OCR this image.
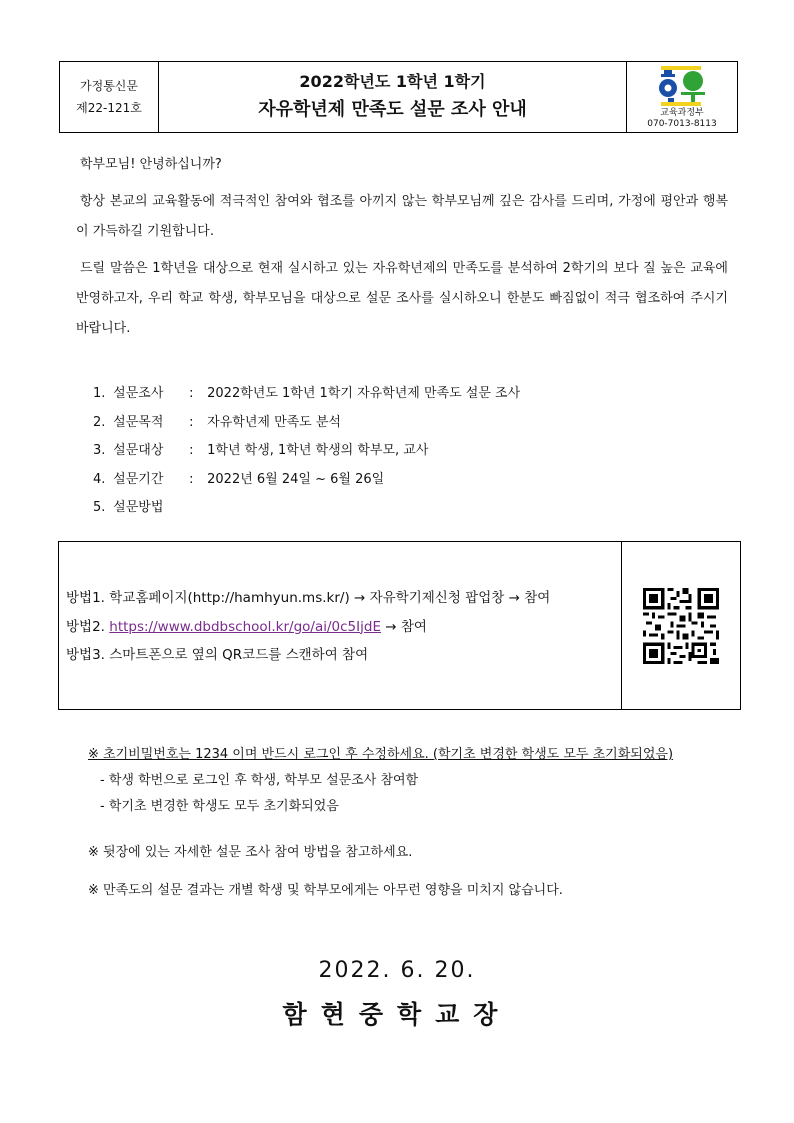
가정통신문
제22-121호
2022학년도 1학년 1학기
자유학년제 만족도 설문 조사 안내	교육과정부
070-7013-8113
학부모님! 안녕하십니까?
항상 본교의 교육활동에 적극적인 참여와 협조를 아끼지 않는 학부모님께 깊은 감사를 드리며, 가정에 평안과 행복이 가득하길 기원합니다.
드릴 말씀은 1학년을 대상으로 현재 실시하고 있는 자유학년제의 만족도를 분석하여 2학기의 보다 질 높은 교육에 반영하고자, 우리 학교 학생, 학부모님을 대상으로 설문 조사를 실시하오니 한분도 빠짐없이 적극 협조하여 주시기 바랍니다.
1. 설문조사 : 2022학년도 1학년 1학기 자유학년제 만족도 설문 조사
2. 설문목적 : 자유학년제 만족도 분석
3. 설문대상 : 1학년 학생, 1학년 학생의 학부모, 교사
4. 설문기간 : 2022년 6월 24일 ~ 6월 26일
5. 설문방법
방법1. 학교홈페이지(http://hamhyun.ms.kr/) → 자유학기제신청 팝업창 → 참여
방법2. https://www.dbdbschool.kr/go/ai/0c5IjdE → 참여
방법3. 스마트폰으로 옆의 QR코드를 스캔하여 참여
※ 초기비밀번호는 1234 이며 반드시 로그인 후 수정하세요. (학기초 변경한 학생도 모두 초기화되었음)
- 학생 학번으로 로그인 후 학생, 학부모 설문조사 참여함
- 학기초 변경한 학생도 모두 초기화되었음
※ 뒷장에 있는 자세한 설문 조사 참여 방법을 참고하세요.
※ 만족도의 설문 결과는 개별 학생 및 학부모에게는 아무런 영향을 미치지 않습니다.
2022. 6. 20.
함현중학교장
